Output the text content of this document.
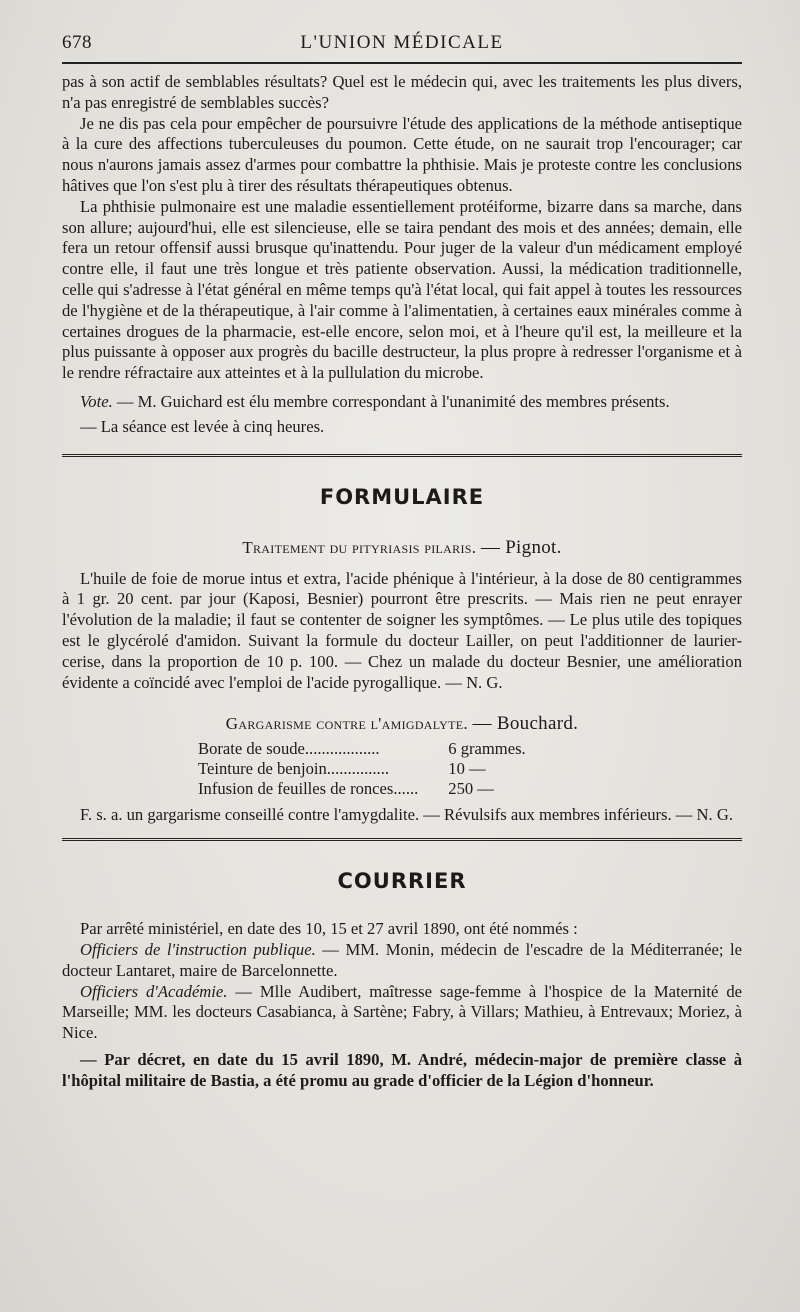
678	L'UNION MÉDICALE

pas à son actif de semblables résultats? Quel est le médecin qui, avec les traitements les plus divers, n'a pas enregistré de semblables succès?

Je ne dis pas cela pour empêcher de poursuivre l'étude des applications de la méthode antiseptique à la cure des affections tuberculeuses du poumon. Cette étude, on ne saurait trop l'encourager; car nous n'aurons jamais assez d'armes pour combattre la phthisie. Mais je proteste contre les conclusions hâtives que l'on s'est plu à tirer des résultats thérapeutiques obtenus.

La phthisie pulmonaire est une maladie essentiellement protéiforme, bizarre dans sa marche, dans son allure; aujourd'hui, elle est silencieuse, elle se taira pendant des mois et des années; demain, elle fera un retour offensif aussi brusque qu'inattendu. Pour juger de la valeur d'un médicament employé contre elle, il faut une très longue et très patiente observation. Aussi, la médication traditionnelle, celle qui s'adresse à l'état général en même temps qu'à l'état local, qui fait appel à toutes les ressources de l'hygiène et de la thérapeutique, à l'air comme à l'alimentatien, à certaines eaux minérales comme à certaines drogues de la pharmacie, est-elle encore, selon moi, et à l'heure qu'il est, la meilleure et la plus puissante à opposer aux progrès du bacille destructeur, la plus propre à redresser l'organisme et à le rendre réfractaire aux atteintes et à la pullulation du microbe.

Vote. — M. Guichard est élu membre correspondant à l'unanimité des membres présents.

— La séance est levée à cinq heures.

FORMULAIRE
Traitement du pityriasis pilaris. — Pignot.

L'huile de foie de morue intus et extra, l'acide phénique à l'intérieur, à la dose de 80 centigrammes à 1 gr. 20 cent. par jour (Kaposi, Besnier) pourront être prescrits. — Mais rien ne peut enrayer l'évolution de la maladie; il faut se contenter de soigner les symptômes. — Le plus utile des topiques est le glycérolé d'amidon. Suivant la formule du docteur Lailler, on peut l'additionner de laurier-cerise, dans la proportion de 10 p. 100. — Chez un malade du docteur Besnier, une amélioration évidente a coïncidé avec l'emploi de l'acide pyrogallique. — N. G.

Gargarisme contre l'amigdalyte. — Bouchard.
Borate de soude..................	6 grammes.
Teinture de benjoin...............	10 —
Infusion de feuilles de ronces......	250 —

F. s. a. un gargarisme conseillé contre l'amygdalite. — Révulsifs aux membres inférieurs. — N. G.

COURRIER

Par arrêté ministériel, en date des 10, 15 et 27 avril 1890, ont été nommés :

Officiers de l'instruction publique. — MM. Monin, médecin de l'escadre de la Méditerranée; le docteur Lantaret, maire de Barcelonnette.

Officiers d'Académie. — Mlle Audibert, maîtresse sage-femme à l'hospice de la Maternité de Marseille; MM. les docteurs Casabianca, à Sartène; Fabry, à Villars; Mathieu, à Entrevaux; Moriez, à Nice.

— Par décret, en date du 15 avril 1890, M. André, médecin-major de première classe à l'hôpital militaire de Bastia, a été promu au grade d'officier de la Légion d'honneur.
